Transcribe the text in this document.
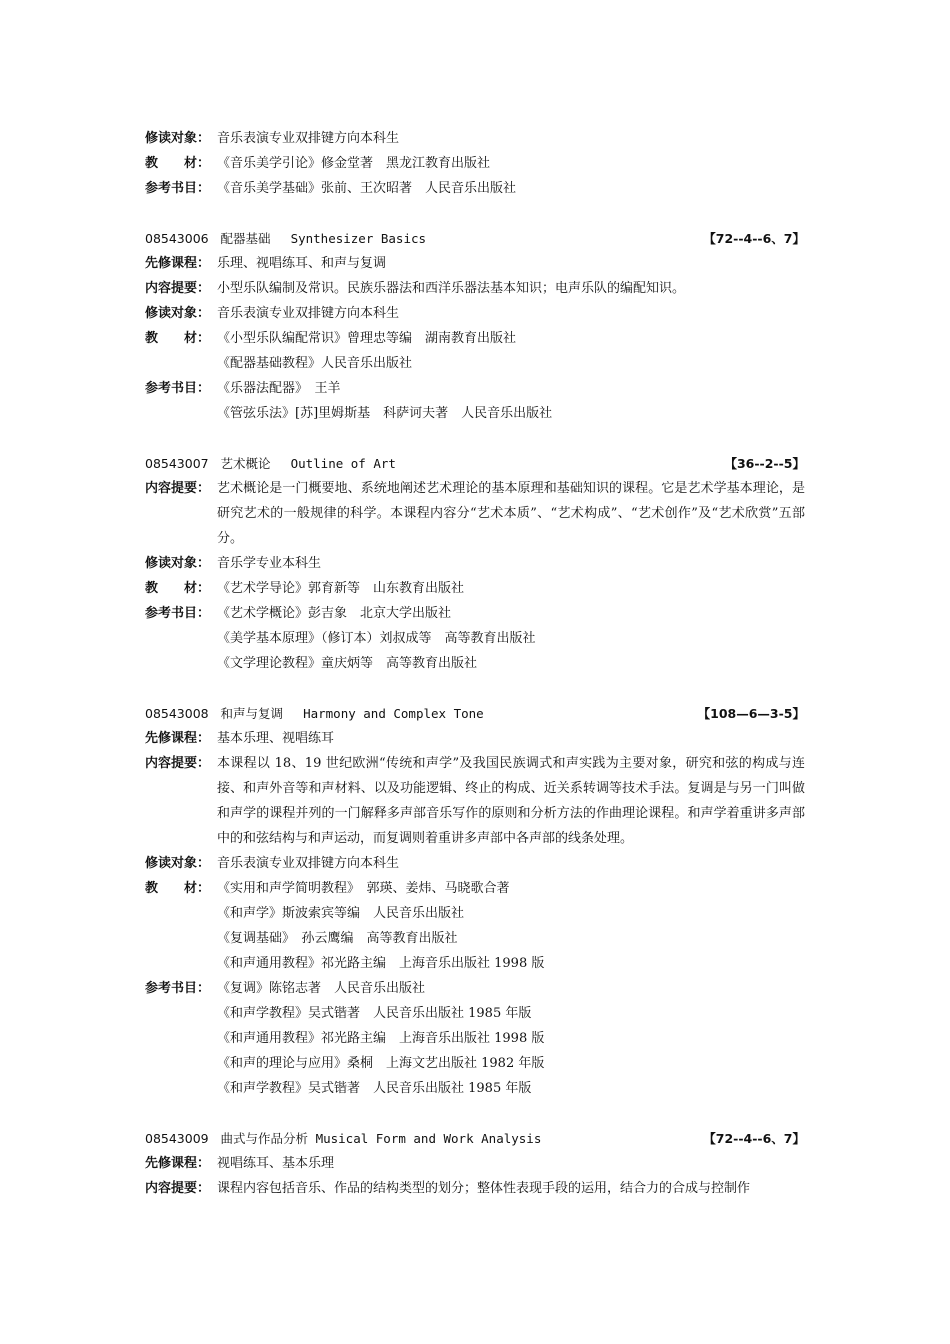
修读对象： 音乐表演专业双排键方向本科生
教 材： 《音乐美学引论》修金堂著　黑龙江教育出版社
参考书目： 《音乐美学基础》张前、王次昭著　人民音乐出版社
08543006 配器基础　 Synthesizer Basics	【72--4--6、7】
先修课程： 乐理、视唱练耳、和声与复调
内容提要： 小型乐队编制及常识。民族乐器法和西洋乐器法基本知识；电声乐队的编配知识。
修读对象： 音乐表演专业双排键方向本科生
教 材： 《小型乐队编配常识》曾理忠等编　湖南教育出版社
《配器基础教程》人民音乐出版社
参考书目： 《乐器法配器》　王羊
《管弦乐法》[苏]里姆斯基　科萨诃夫著　人民音乐出版社
08543007 艺术概论　 Outline of Art	【36--2--5】
内容提要： 艺术概论是一门概要地、系统地阐述艺术理论的基本原理和基础知识的课程。它是艺术学基本理论，是研究艺术的一般规律的科学。本课程内容分“艺术本质”、“艺术构成”、“艺术创作”及“艺术欣赏”五部分。
修读对象： 音乐学专业本科生
教 材： 《艺术学导论》郭育新等　山东教育出版社
参考书目： 《艺术学概论》彭吉象　北京大学出版社
《美学基本原理》（修订本）刘叔成等　高等教育出版社
《文学理论教程》童庆炳等　高等教育出版社
08543008 和声与复调　 Harmony and Complex Tone	【108—6—3-5】
先修课程： 基本乐理、视唱练耳
内容提要： 本课程以 18、19 世纪欧洲“传统和声学”及我国民族调式和声实践为主要对象，研究和弦的构成与连接、和声外音等和声材料、以及功能逻辑、终止的构成、近关系转调等技术手法。复调是与另一门叫做和声学的课程并列的一门解释多声部音乐写作的原则和分析方法的作曲理论课程。和声学着重讲多声部中的和弦结构与和声运动，而复调则着重讲多声部中各声部的线条处理。
修读对象： 音乐表演专业双排键方向本科生
教 材： 《实用和声学简明教程》　郭瑛、姜炜、马晓歌合著
《和声学》斯波索宾等编　人民音乐出版社
《复调基础》　孙云鹰编　高等教育出版社
《和声通用教程》祁光路主编　上海音乐出版社 1998 版
参考书目： 《复调》陈铭志著　人民音乐出版社
《和声学教程》吴式锴著　人民音乐出版社 1985 年版
《和声通用教程》祁光路主编　上海音乐出版社 1998 版
《和声的理论与应用》桑桐　上海文艺出版社 1982 年版
《和声学教程》吴式锴著　人民音乐出版社 1985 年版
08543009 曲式与作品分析 Musical Form and Work Analysis	【72--4--6、7】
先修课程： 视唱练耳、基本乐理
内容提要： 课程内容包括音乐、作品的结构类型的划分；整体性表现手段的运用，结合力的合成与控制作
